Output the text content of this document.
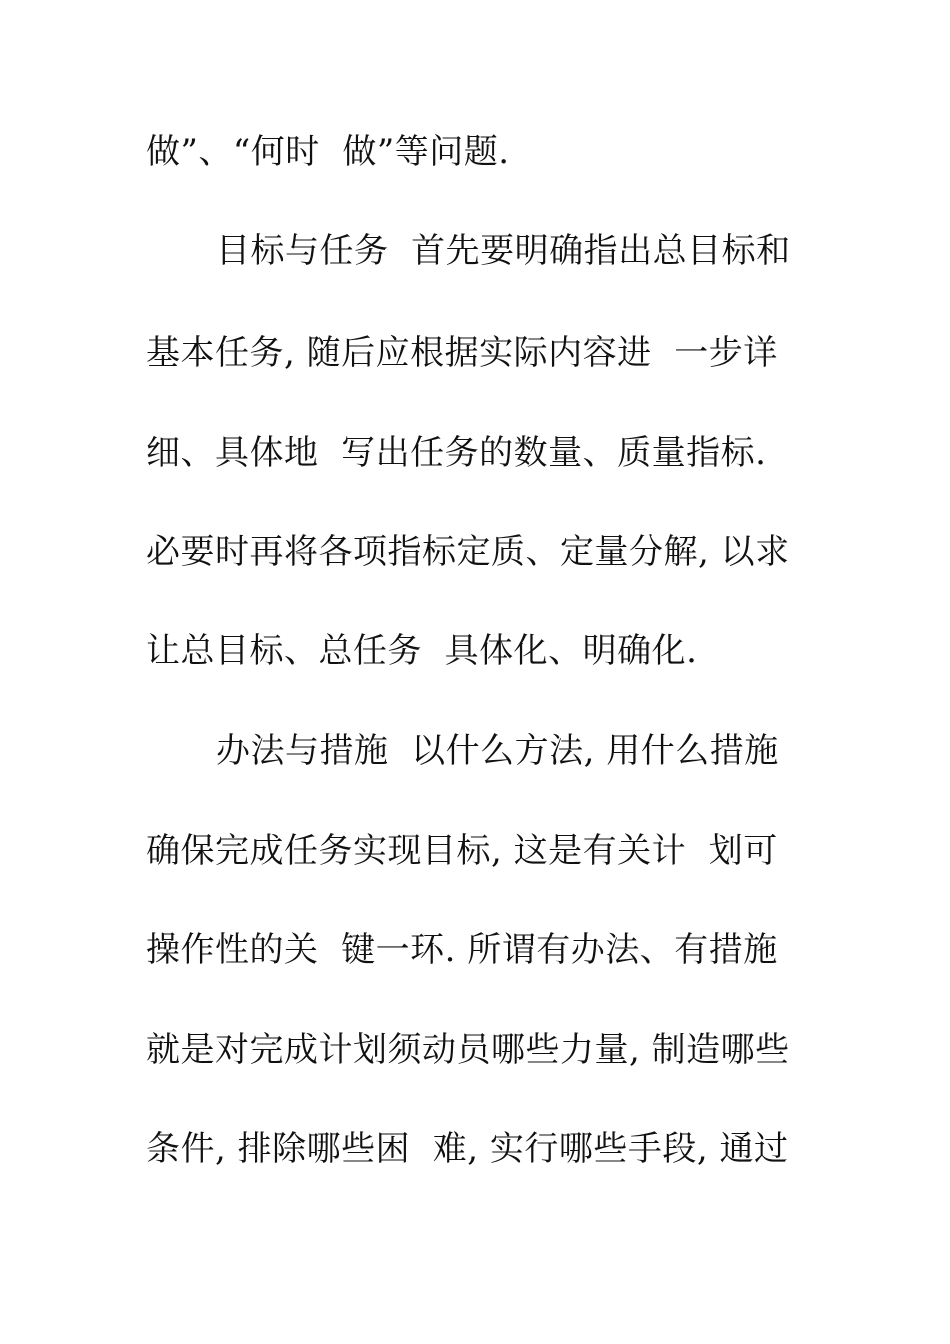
做”、“何时  做”等问题.
目标与任务  首先要明确指出总目标和
基本任务, 随后应根据实际内容进  一步详
细、具体地  写出任务的数量、质量指标.
必要时再将各项指标定质、定量分解, 以求
让总目标、总任务  具体化、明确化.
办法与措施  以什么方法, 用什么措施
确保完成任务实现目标, 这是有关计  划可
操作性的关  键一环. 所谓有办法、有措施
就是对完成计划须动员哪些力量, 制造哪些
条件, 排除哪些困  难, 实行哪些手段, 通过
